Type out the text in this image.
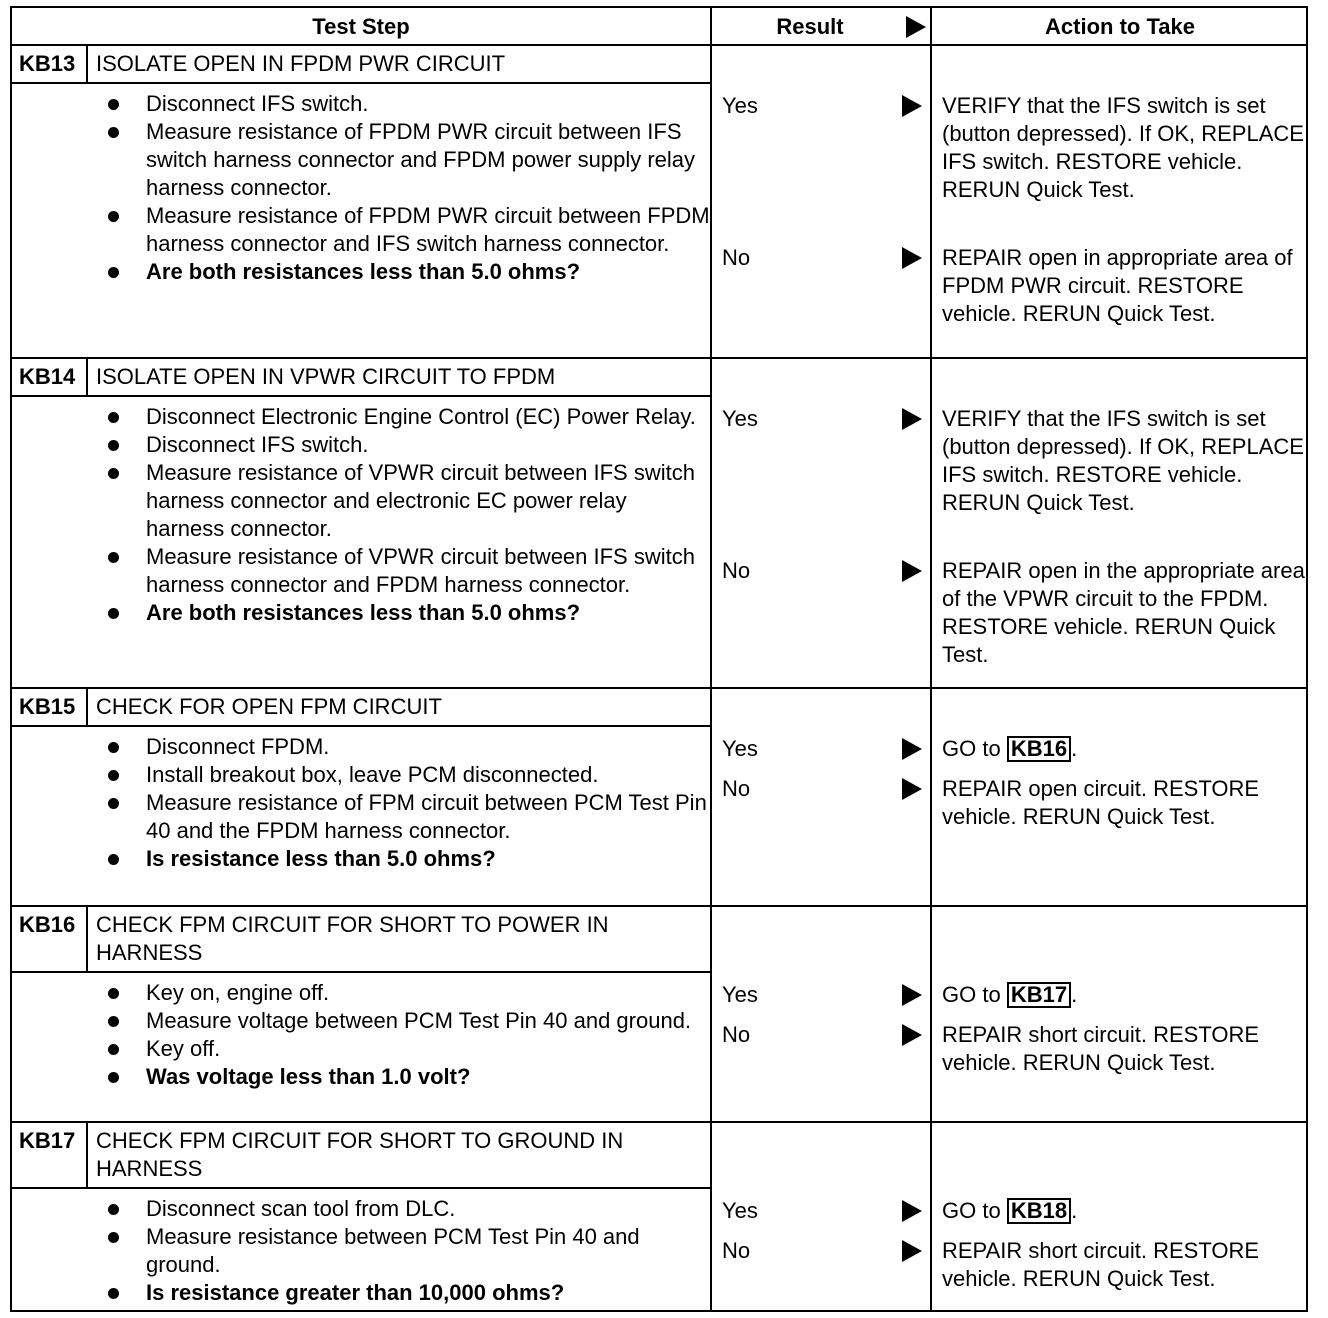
Test Step	Result	Action to Take
KB13 ISOLATE OPEN IN FPDM PWR CIRCUIT
Disconnect IFS switch.
Measure resistance of FPDM PWR circuit between IFS switch harness connector and FPDM power supply relay harness connector.
Measure resistance of FPDM PWR circuit between FPDM harness connector and IFS switch harness connector.
Are both resistances less than 5.0 ohms?
Yes	VERIFY that the IFS switch is set (button depressed). If OK, REPLACE IFS switch. RESTORE vehicle. RERUN Quick Test.
No	REPAIR open in appropriate area of FPDM PWR circuit. RESTORE vehicle. RERUN Quick Test.
KB14 ISOLATE OPEN IN VPWR CIRCUIT TO FPDM
Disconnect Electronic Engine Control (EC) Power Relay.
Disconnect IFS switch.
Measure resistance of VPWR circuit between IFS switch harness connector and electronic EC power relay harness connector.
Measure resistance of VPWR circuit between IFS switch harness connector and FPDM harness connector.
Are both resistances less than 5.0 ohms?
Yes	VERIFY that the IFS switch is set (button depressed). If OK, REPLACE IFS switch. RESTORE vehicle. RERUN Quick Test.
No	REPAIR open in the appropriate area of the VPWR circuit to the FPDM. RESTORE vehicle. RERUN Quick Test.
KB15 CHECK FOR OPEN FPM CIRCUIT
Disconnect FPDM.
Install breakout box, leave PCM disconnected.
Measure resistance of FPM circuit between PCM Test Pin 40 and the FPDM harness connector.
Is resistance less than 5.0 ohms?
Yes	GO to KB16 .
No	REPAIR open circuit. RESTORE vehicle. RERUN Quick Test.
KB16 CHECK FPM CIRCUIT FOR SHORT TO POWER IN HARNESS
Key on, engine off.
Measure voltage between PCM Test Pin 40 and ground.
Key off.
Was voltage less than 1.0 volt?
Yes	GO to KB17 .
No	REPAIR short circuit. RESTORE vehicle. RERUN Quick Test.
KB17 CHECK FPM CIRCUIT FOR SHORT TO GROUND IN HARNESS
Disconnect scan tool from DLC.
Measure resistance between PCM Test Pin 40 and ground.
Is resistance greater than 10,000 ohms?
Yes	GO to KB18 .
No	REPAIR short circuit. RESTORE vehicle. RERUN Quick Test.
